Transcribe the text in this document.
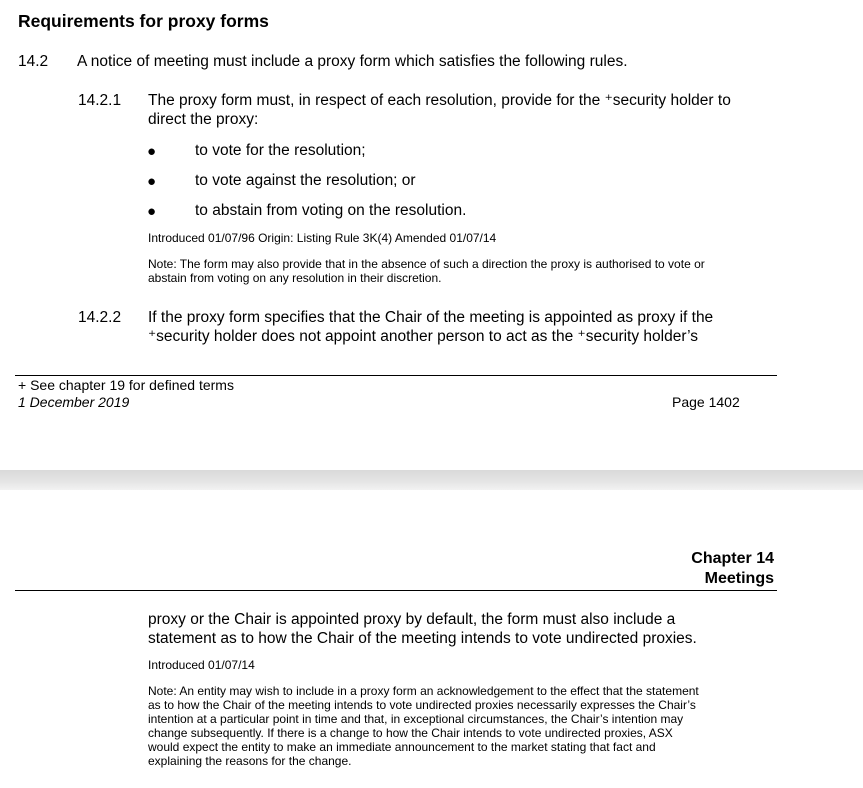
Requirements for proxy forms
14.2 A notice of meeting must include a proxy form which satisfies the following rules.
14.2.1 The proxy form must, in respect of each resolution, provide for the ⁺security holder to
direct the proxy:
●	to vote for the resolution;
●	to vote against the resolution; or
●	to abstain from voting on the resolution.
Introduced 01/07/96 Origin: Listing Rule 3K(4) Amended 01/07/14
Note: The form may also provide that in the absence of such a direction the proxy is authorised to vote or
abstain from voting on any resolution in their discretion.
14.2.2 If the proxy form specifies that the Chair of the meeting is appointed as proxy if the
⁺security holder does not appoint another person to act as the ⁺security holder’s
+ See chapter 19 for defined terms
1 December 2019	Page 1402
Chapter 14
Meetings
proxy or the Chair is appointed proxy by default, the form must also include a
statement as to how the Chair of the meeting intends to vote undirected proxies.
Introduced 01/07/14
Note: An entity may wish to include in a proxy form an acknowledgement to the effect that the statement
as to how the Chair of the meeting intends to vote undirected proxies necessarily expresses the Chair’s
intention at a particular point in time and that, in exceptional circumstances, the Chair’s intention may
change subsequently. If there is a change to how the Chair intends to vote undirected proxies, ASX
would expect the entity to make an immediate announcement to the market stating that fact and
explaining the reasons for the change.
